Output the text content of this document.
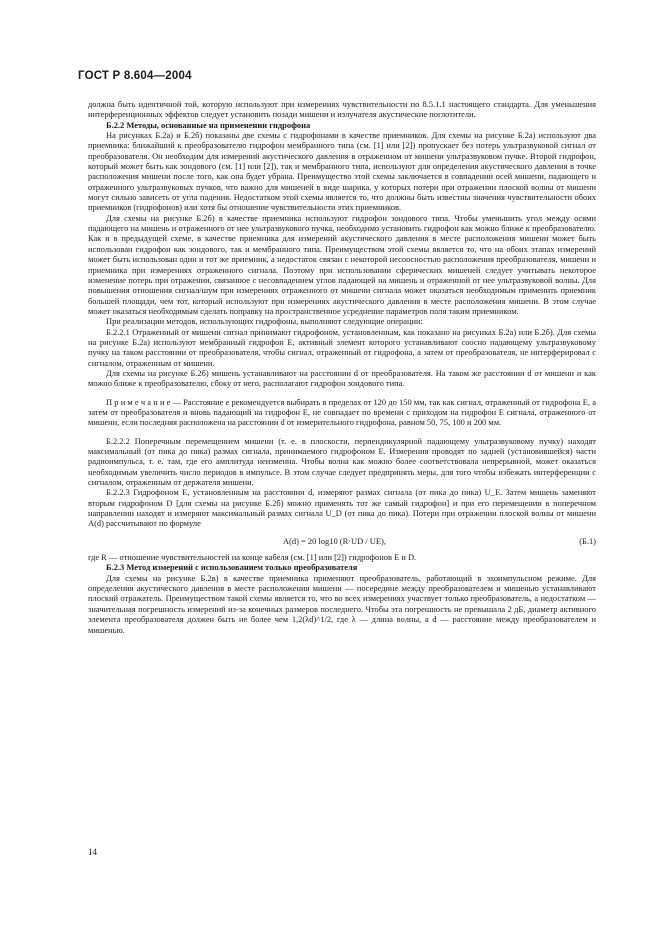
ГОСТ Р 8.604—2004

должна быть идентичной той, которую используют при измерениях чувствительности по 8.5.1.1 настоящего стандарта. Для уменьшения интерференционных эффектов следует установить позади мишени и излучателя акустические поглотители.

Б.2.2 Методы, основанные на применении гидрофона

На рисунках Б.2а) и Б.2б) показаны две схемы с гидрофонами в качестве приемников. Для схемы на рисунке Б.2а) используют два приемника: ближайший к преобразователю гидрофон мембранного типа (см. [1] или [2]) пропускает без потерь ультразвуковой сигнал от преобразователя. Он необходим для измерений акустического давления в отраженном от мишени ультразвуковом пучке. Второй гидрофон, который может быть как зондового (см. [1] или [2]), так и мембранного типа, используют для определения акустического давления в точке расположения мишени после того, как она будет убрана. Преимущество этой схемы заключается в совпадении осей мишени, падающего и отраженного ультразвуковых пучков, что важно для мишеней в виде шарика, у которых потери при отражении плоской волны от мишени могут сильно зависеть от угла падения. Недостатком этой схемы является то, что должны быть известны значения чувствительности обоих приемников (гидрофонов) или хотя бы отношение чувствительности этих приемников.

Для схемы на рисунке Б.2б) в качестве приемника используют гидрофон зондового типа. Чтобы уменьшить угол между осями падающего на мишень и отраженного от нее ультразвукового пучка, необходимо установить гидрофон как можно ближе к преобразователю. Как и в предыдущей схеме, в качестве приемника для измерений акустического давления в месте расположения мишени может быть использован гидрофон как зондового, так и мембранного типа. Преимуществом этой схемы является то, что на обоих этапах измерений может быть использован один и тот же приемник, а недостаток связан с некоторой несоосностью расположения преобразователя, мишени и приемника при измерениях отраженного сигнала. Поэтому при использовании сферических мишеней следует учитывать некоторое изменение потерь при отражении, связанное с несовпадением углов падающей на мишень и отраженной от нее ультразвуковой волны. Для повышения отношения сигнал/шум при измерениях отраженного от мишени сигнала может оказаться необходимым применить приемник большей площади, чем тот, который используют при измерениях акустического давления в месте расположения мишени. В этом случае может оказаться необходимым сделать поправку на пространственное усреднение параметров поля таким приемником.

При реализации методов, использующих гидрофоны, выполняют следующие операции:

Б.2.2.1 Отраженный от мишени сигнал принимают гидрофоном, установленным, как показано на рисунках Б.2а) или Б.2б). Для схемы на рисунке Б.2а) используют мембранный гидрофон E, активный элемент которого устанавливают соосно падающему ультразвуковому пучку на таком расстоянии от преобразователя, чтобы сигнал, отраженный от гидрофона, а затем от преобразователя, не интерферировал с сигналом, отраженным от мишени.

Для схемы на рисунке Б.2б) мишень устанавливают на расстоянии d от преобразователя. На таком же расстоянии d от мишени и как можно ближе к преобразователю, сбоку от него, располагают гидрофон зондового типа.

П р и м е ч а н и е — Расстояние e рекомендуется выбирать в пределах от 120 до 150 мм, так как сигнал, отраженный от гидрофона E, а затем от преобразователя и вновь падающий на гидрофон E, не совпадает по времени с приходом на гидрофон E сигнала, отраженного от мишени, если последняя расположена на расстоянии d от измерительного гидрофона, равном 50, 75, 100 и 200 мм.

Б.2.2.2 Поперечным перемещением мишени (т. е. в плоскости, перпендикулярной падающему ультразвуковому пучку) находят максимальный (от пика до пика) размах сигнала, принимаемого гидрофоном E. Измерения проводят по задней (установившейся) части радиоимпульса, т. е. там, где его амплитуда неизменна. Чтобы волна как можно более соответствовала непрерывной, может оказаться необходимым увеличить число периодов в импульсе. В этом случае следует предпринять меры, для того чтобы избежать интерференции с сигналом, отраженным от держателя мишени.

Б.2.2.3 Гидрофоном E, установленным на расстоянии d, измеряют размах сигнала (от пика до пика) U_E. Затем мишень заменяют вторым гидрофоном D [для схемы на рисунке Б.2б) можно применять тот же самый гидрофон] и при его перемещении в поперечном направлении находят и измеряют максимальный размах сигнала U_D (от пика до пика). Потери при отражении плоской волны от мишени A(d) рассчитывают по формуле

A(d) = 20 log10 (R·UD / UE),	(Б.1)

где R — отношение чувствительностей на конце кабеля (см. [1] или [2]) гидрофонов E и D.

Б.2.3 Метод измерений с использованием только преобразователя

Для схемы на рисунке Б.2в) в качестве приемника применяют преобразователь, работающий в эхоимпульсном режиме. Для определения акустического давления в месте расположения мишени — посередине между преобразователем и мишенью устанавливают плоский отражатель. Преимуществом такой схемы является то, что во всех измерениях участвует только преобразователь, а недостатком — значительная погрешность измерений из-за конечных размеров последнего. Чтобы эта погрешность не превышала 2 дБ, диаметр активного элемента преобразователя должен быть не более чем 1,2(λd)^1/2, где λ — длина волны, а d — расстояние между преобразователем и мишенью.

14
